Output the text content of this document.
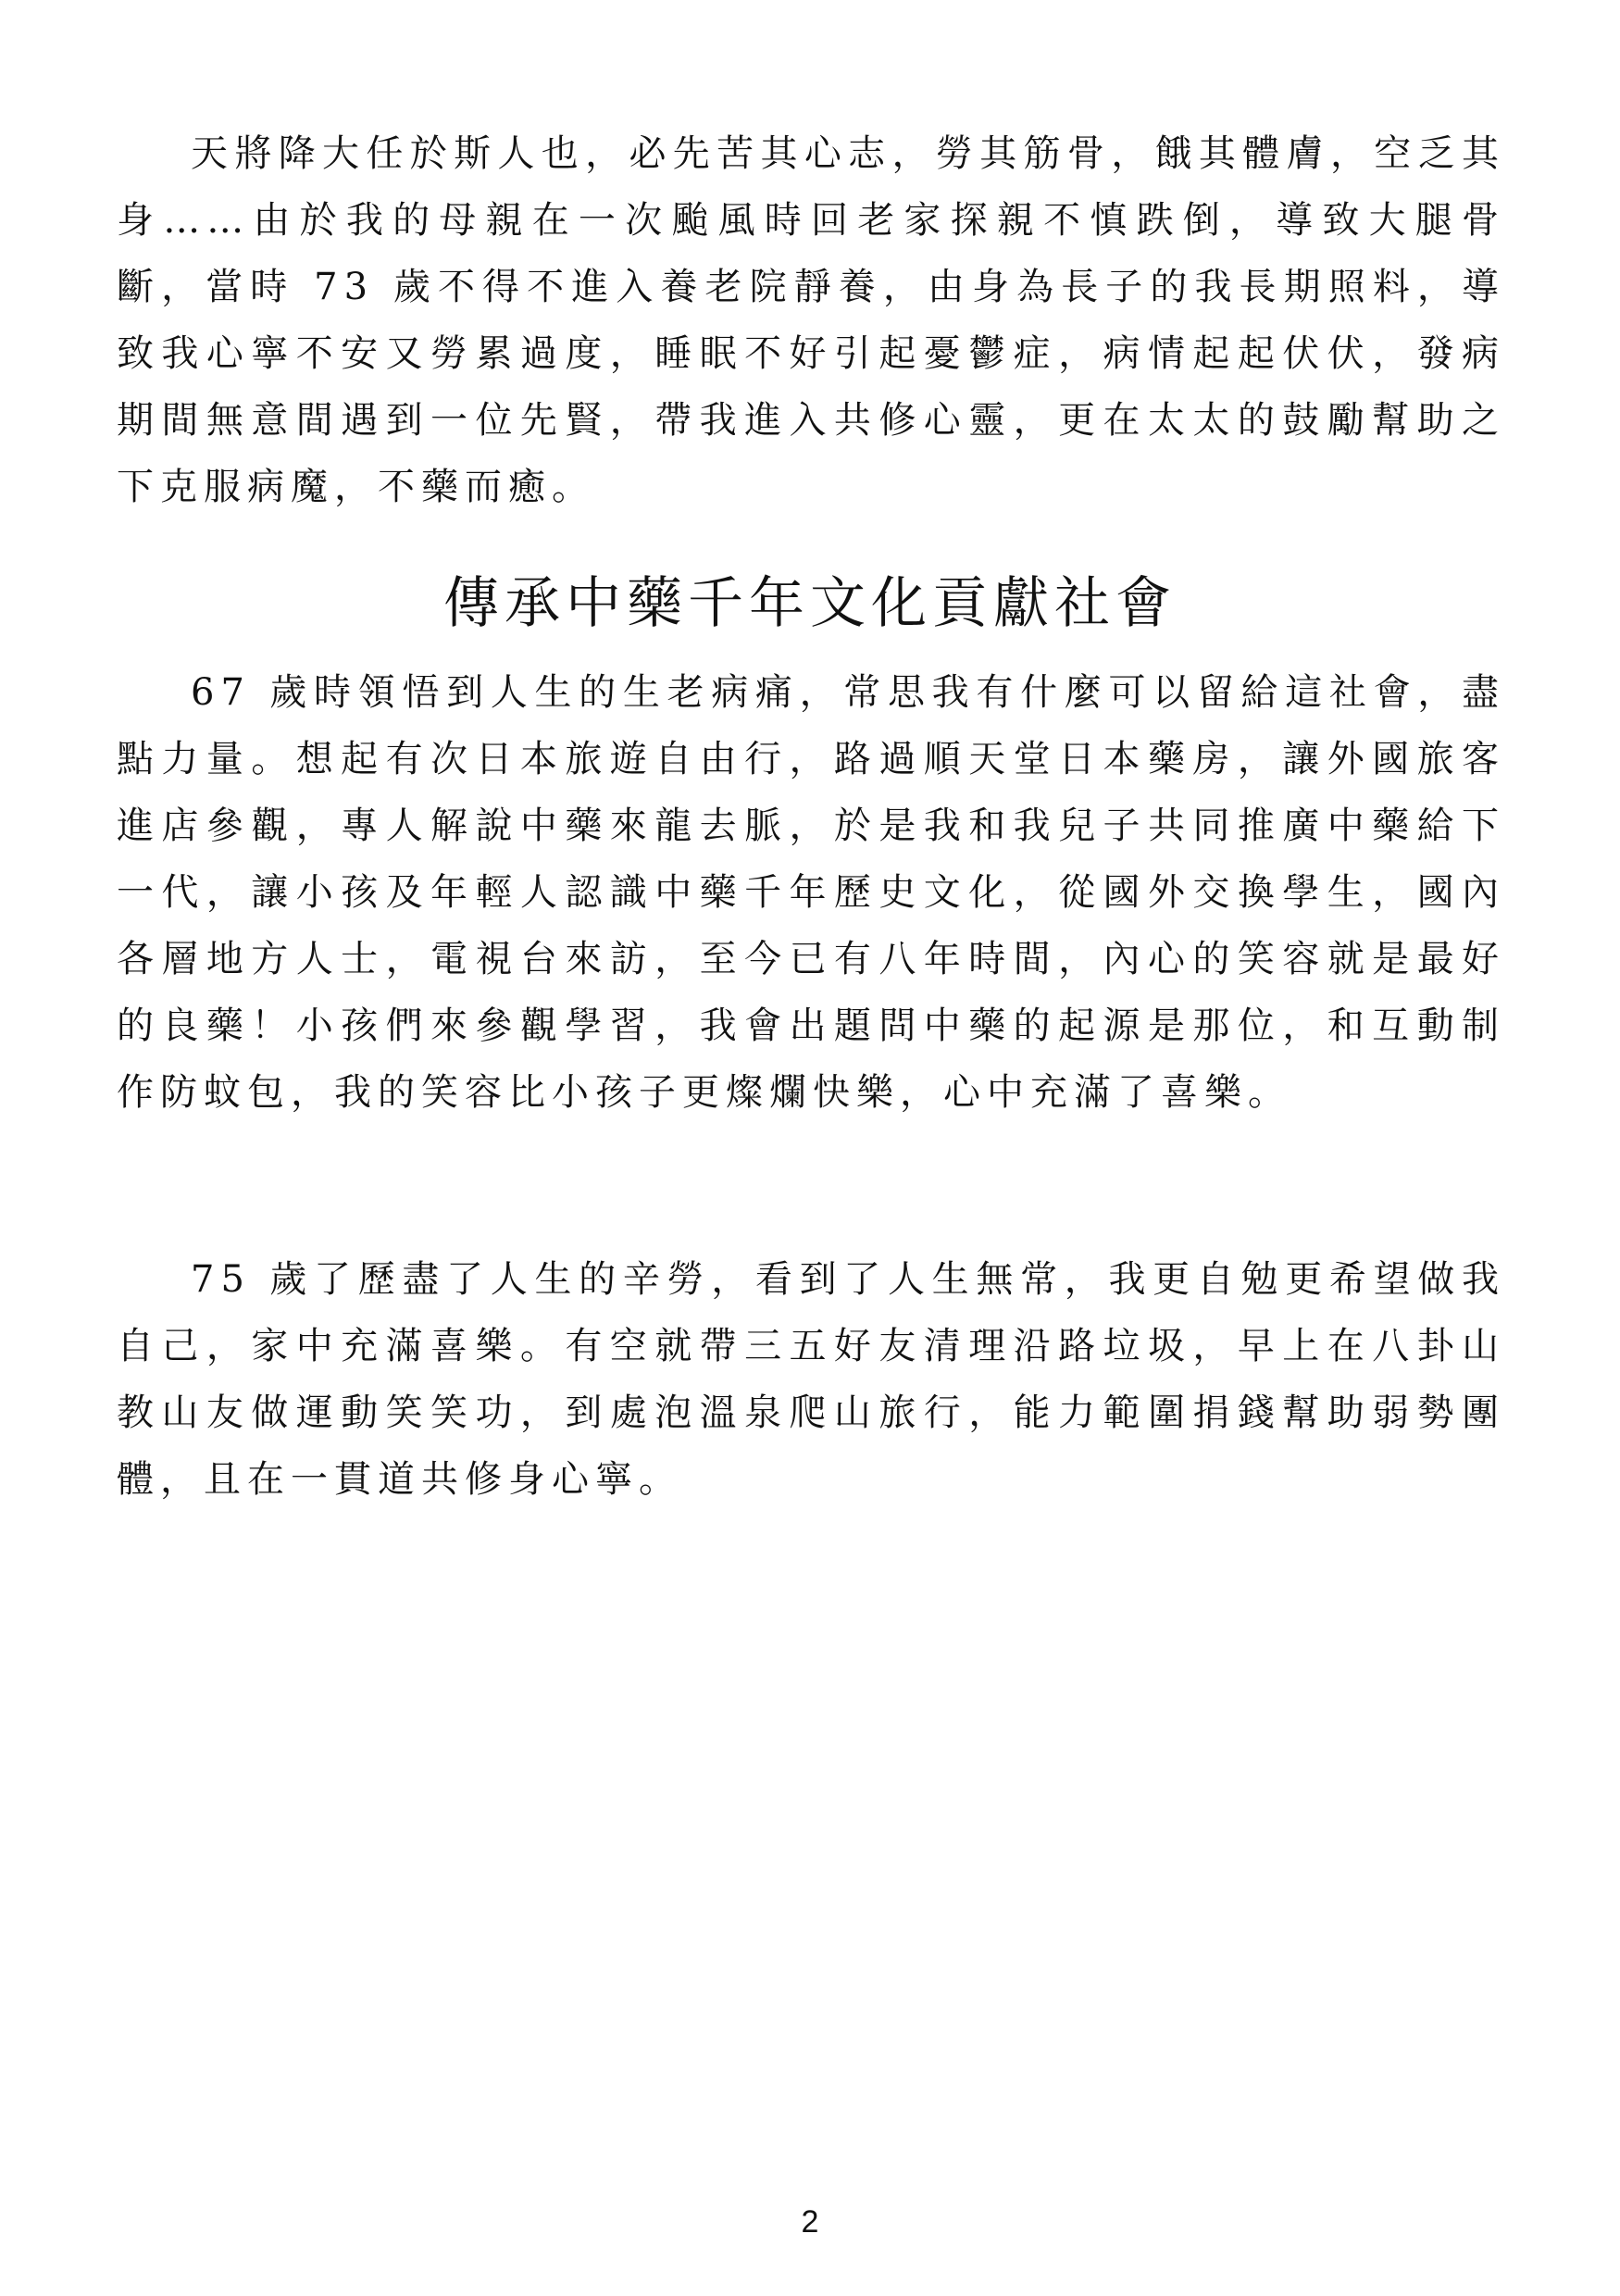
天將降大任於斯人也，必先苦其心志，勞其筋骨，餓其體膚，空乏其身……由於我的母親在一次颱風時回老家探親不慎跌倒，導致大腿骨斷，當時 73 歲不得不進入養老院靜養，由身為長子的我長期照料，導致我心寧不安又勞累過度，睡眠不好引起憂鬱症，病情起起伏伏，發病期間無意間遇到一位先賢，帶我進入共修心靈，更在太太的鼓勵幫助之下克服病魔，不藥而癒。

傳承中藥千年文化貢獻社會

67 歲時領悟到人生的生老病痛，常思我有什麼可以留給這社會，盡點力量。想起有次日本旅遊自由行，路過順天堂日本藥房，讓外國旅客進店參觀，專人解說中藥來龍去脈，於是我和我兒子共同推廣中藥給下一代，讓小孩及年輕人認識中藥千年歷史文化，從國外交換學生，國內各層地方人士，電視台來訪，至今已有八年時間，內心的笑容就是最好的良藥！小孩們來參觀學習，我會出題問中藥的起源是那位，和互動制作防蚊包，我的笑容比小孩子更燦爛快樂，心中充滿了喜樂。

75 歲了歷盡了人生的辛勞，看到了人生無常，我更自勉更希望做我自己，家中充滿喜樂。有空就帶三五好友清理沿路垃圾，早上在八卦山教山友做運動笑笑功，到處泡溫泉爬山旅行，能力範圍捐錢幫助弱勢團體，且在一貫道共修身心寧。

2
